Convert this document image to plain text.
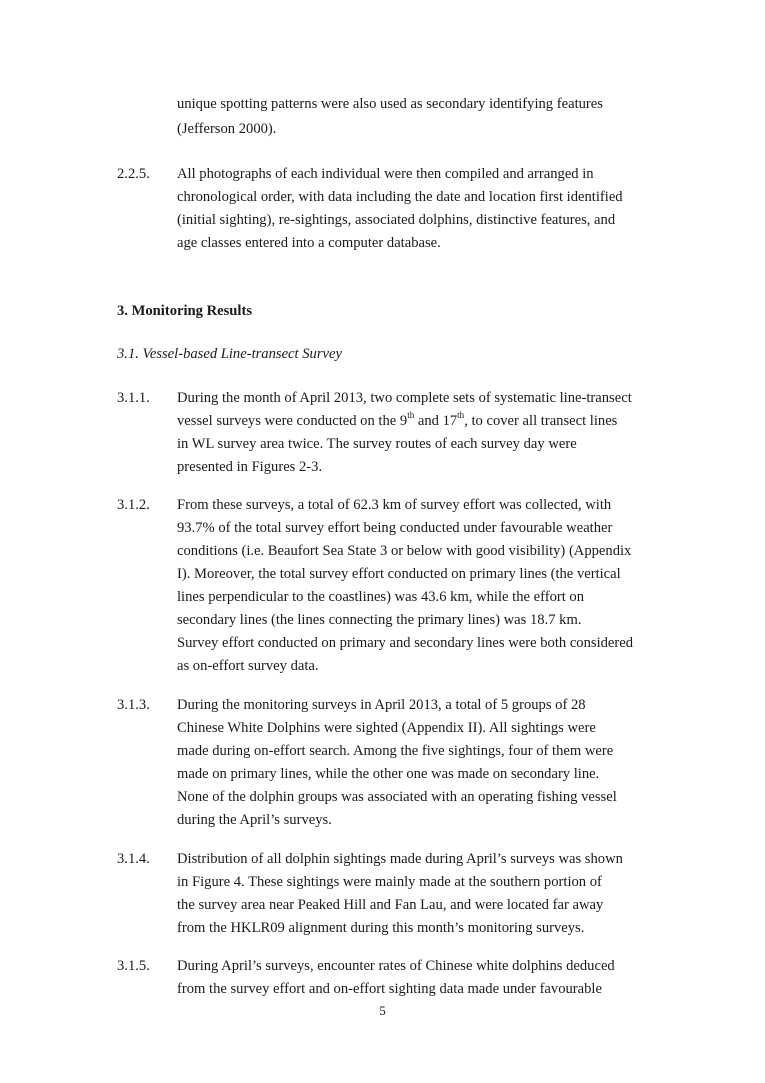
unique spotting patterns were also used as secondary identifying features
(Jefferson 2000).
2.2.5. All photographs of each individual were then compiled and arranged in
chronological order, with data including the date and location first identified
(initial sighting), re-sightings, associated dolphins, distinctive features, and
age classes entered into a computer database.
3. Monitoring Results
3.1. Vessel-based Line-transect Survey
3.1.1. During the month of April 2013, two complete sets of systematic line-transect
vessel surveys were conducted on the 9th and 17th, to cover all transect lines
in WL survey area twice. The survey routes of each survey day were
presented in Figures 2-3.
3.1.2. From these surveys, a total of 62.3 km of survey effort was collected, with
93.7% of the total survey effort being conducted under favourable weather
conditions (i.e. Beaufort Sea State 3 or below with good visibility) (Appendix
I). Moreover, the total survey effort conducted on primary lines (the vertical
lines perpendicular to the coastlines) was 43.6 km, while the effort on
secondary lines (the lines connecting the primary lines) was 18.7 km.
Survey effort conducted on primary and secondary lines were both considered
as on-effort survey data.
3.1.3. During the monitoring surveys in April 2013, a total of 5 groups of 28
Chinese White Dolphins were sighted (Appendix II). All sightings were
made during on-effort search. Among the five sightings, four of them were
made on primary lines, while the other one was made on secondary line.
None of the dolphin groups was associated with an operating fishing vessel
during the April’s surveys.
3.1.4. Distribution of all dolphin sightings made during April’s surveys was shown
in Figure 4. These sightings were mainly made at the southern portion of
the survey area near Peaked Hill and Fan Lau, and were located far away
from the HKLR09 alignment during this month’s monitoring surveys.
3.1.5. During April’s surveys, encounter rates of Chinese white dolphins deduced
from the survey effort and on-effort sighting data made under favourable
5
